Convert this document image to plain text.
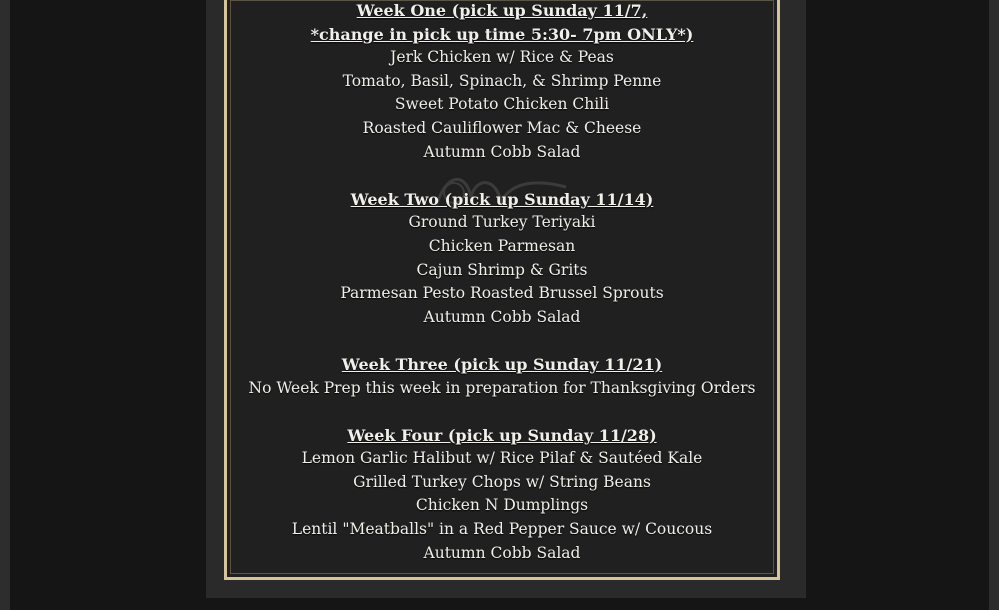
Week One (pick up Sunday 11/7,
*change in pick up time 5:30- 7pm ONLY*)
Jerk Chicken w/ Rice & Peas
Tomato, Basil, Spinach, & Shrimp Penne
Sweet Potato Chicken Chili
Roasted Cauliflower Mac & Cheese
Autumn Cobb Salad
Week Two (pick up Sunday 11/14)
Ground Turkey Teriyaki
Chicken Parmesan
Cajun Shrimp & Grits
Parmesan Pesto Roasted Brussel Sprouts
Autumn Cobb Salad
Week Three (pick up Sunday 11/21)
No Week Prep this week in preparation for Thanksgiving Orders
Week Four (pick up Sunday 11/28)
Lemon Garlic Halibut w/ Rice Pilaf & Sautéed Kale
Grilled Turkey Chops w/ String Beans
Chicken N Dumplings
Lentil "Meatballs" in a Red Pepper Sauce w/ Coucous
Autumn Cobb Salad
